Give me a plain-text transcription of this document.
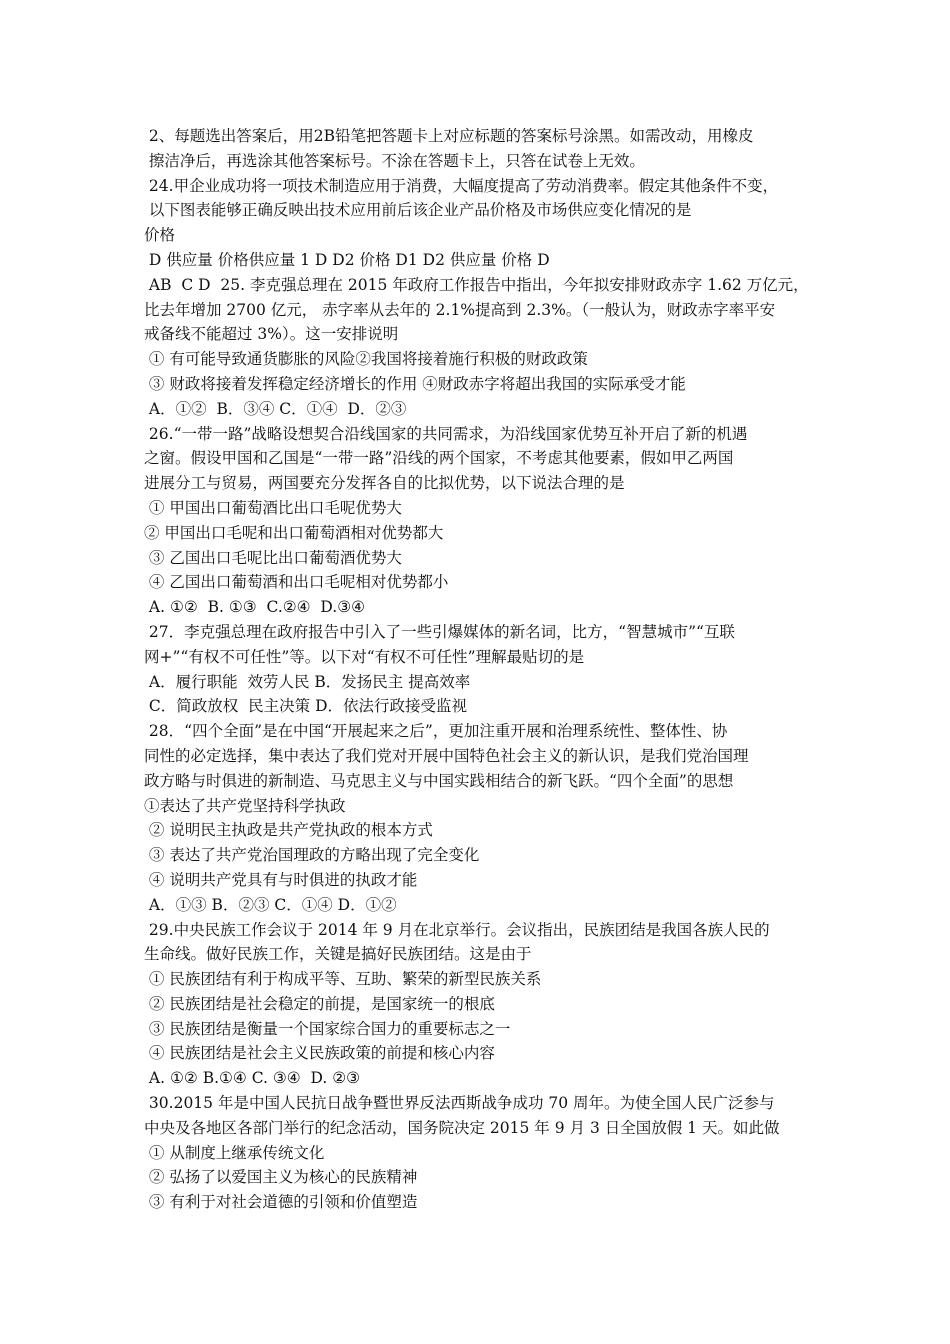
2、每题选出答案后，用2B铅笔把答题卡上对应标题的答案标号涂黑。如需改动，用橡皮
擦洁净后，再选涂其他答案标号。不涂在答题卡上，只答在试卷上无效。
24.甲企业成功将一项技术制造应用于消费，大幅度提高了劳动消费率。假定其他条件不变，
以下图表能够正确反映出技术应用前后该企业产品价格及市场供应变化情况的是
价格
D 供应量 价格供应量 1 D D2 价格 D1 D2 供应量 价格 D
AB  C D  25. 李克强总理在 2015 年政府工作报告中指出，今年拟安排财政赤字 1.62 万亿元，
比去年增加 2700 亿元， 赤字率从去年的 2.1%提高到 2.3%。（一般认为，财政赤字率平安
戒备线不能超过 3%）。这一安排说明
① 有可能导致通货膨胀的风险②我国将接着施行积极的财政政策
③ 财政将接着发挥稳定经济增长的作用 ④财政赤字将超出我国的实际承受才能
A．①②  B．③④ C．①④  D．②③
26.“一带一路”战略设想契合沿线国家的共同需求，为沿线国家优势互补开启了新的机遇
之窗。假设甲国和乙国是“一带一路”沿线的两个国家，不考虑其他要素，假如甲乙两国
进展分工与贸易，两国要充分发挥各自的比拟优势，以下说法合理的是
① 甲国出口葡萄酒比出口毛呢优势大
② 甲国出口毛呢和出口葡萄酒相对优势都大
③ 乙国出口毛呢比出口葡萄酒优势大
④ 乙国出口葡萄酒和出口毛呢相对优势都小
A. ①②  B. ①③  C.②④  D.③④
27．李克强总理在政府报告中引入了一些引爆媒体的新名词，比方，“智慧城市”“互联
网+”“有权不可任性”等。以下对“有权不可任性”理解最贴切的是
A．履行职能  效劳人民 B．发扬民主 提高效率
C．简政放权  民主决策 D．依法行政接受监视
28．“四个全面”是在中国“开展起来之后”，更加注重开展和治理系统性、整体性、协
同性的必定选择，集中表达了我们党对开展中国特色社会主义的新认识，是我们党治国理
政方略与时俱进的新制造、马克思主义与中国实践相结合的新飞跃。“四个全面”的思想
①表达了共产党坚持科学执政
② 说明民主执政是共产党执政的根本方式
③ 表达了共产党治国理政的方略出现了完全变化
④ 说明共产党具有与时俱进的执政才能
A．①③ B．②③ C．①④ D．①②
29.中央民族工作会议于 2014 年 9 月在北京举行。会议指出，民族团结是我国各族人民的
生命线。做好民族工作，关键是搞好民族团结。这是由于
① 民族团结有利于构成平等、互助、繁荣的新型民族关系
② 民族团结是社会稳定的前提，是国家统一的根底
③ 民族团结是衡量一个国家综合国力的重要标志之一
④ 民族团结是社会主义民族政策的前提和核心内容
A. ①② B.①④ C. ③④  D. ②③
30.2015 年是中国人民抗日战争暨世界反法西斯战争成功 70 周年。为使全国人民广泛参与
中央及各地区各部门举行的纪念活动，国务院决定 2015 年 9 月 3 日全国放假 1 天。如此做
① 从制度上继承传统文化
② 弘扬了以爱国主义为核心的民族精神
③ 有利于对社会道德的引领和价值塑造
